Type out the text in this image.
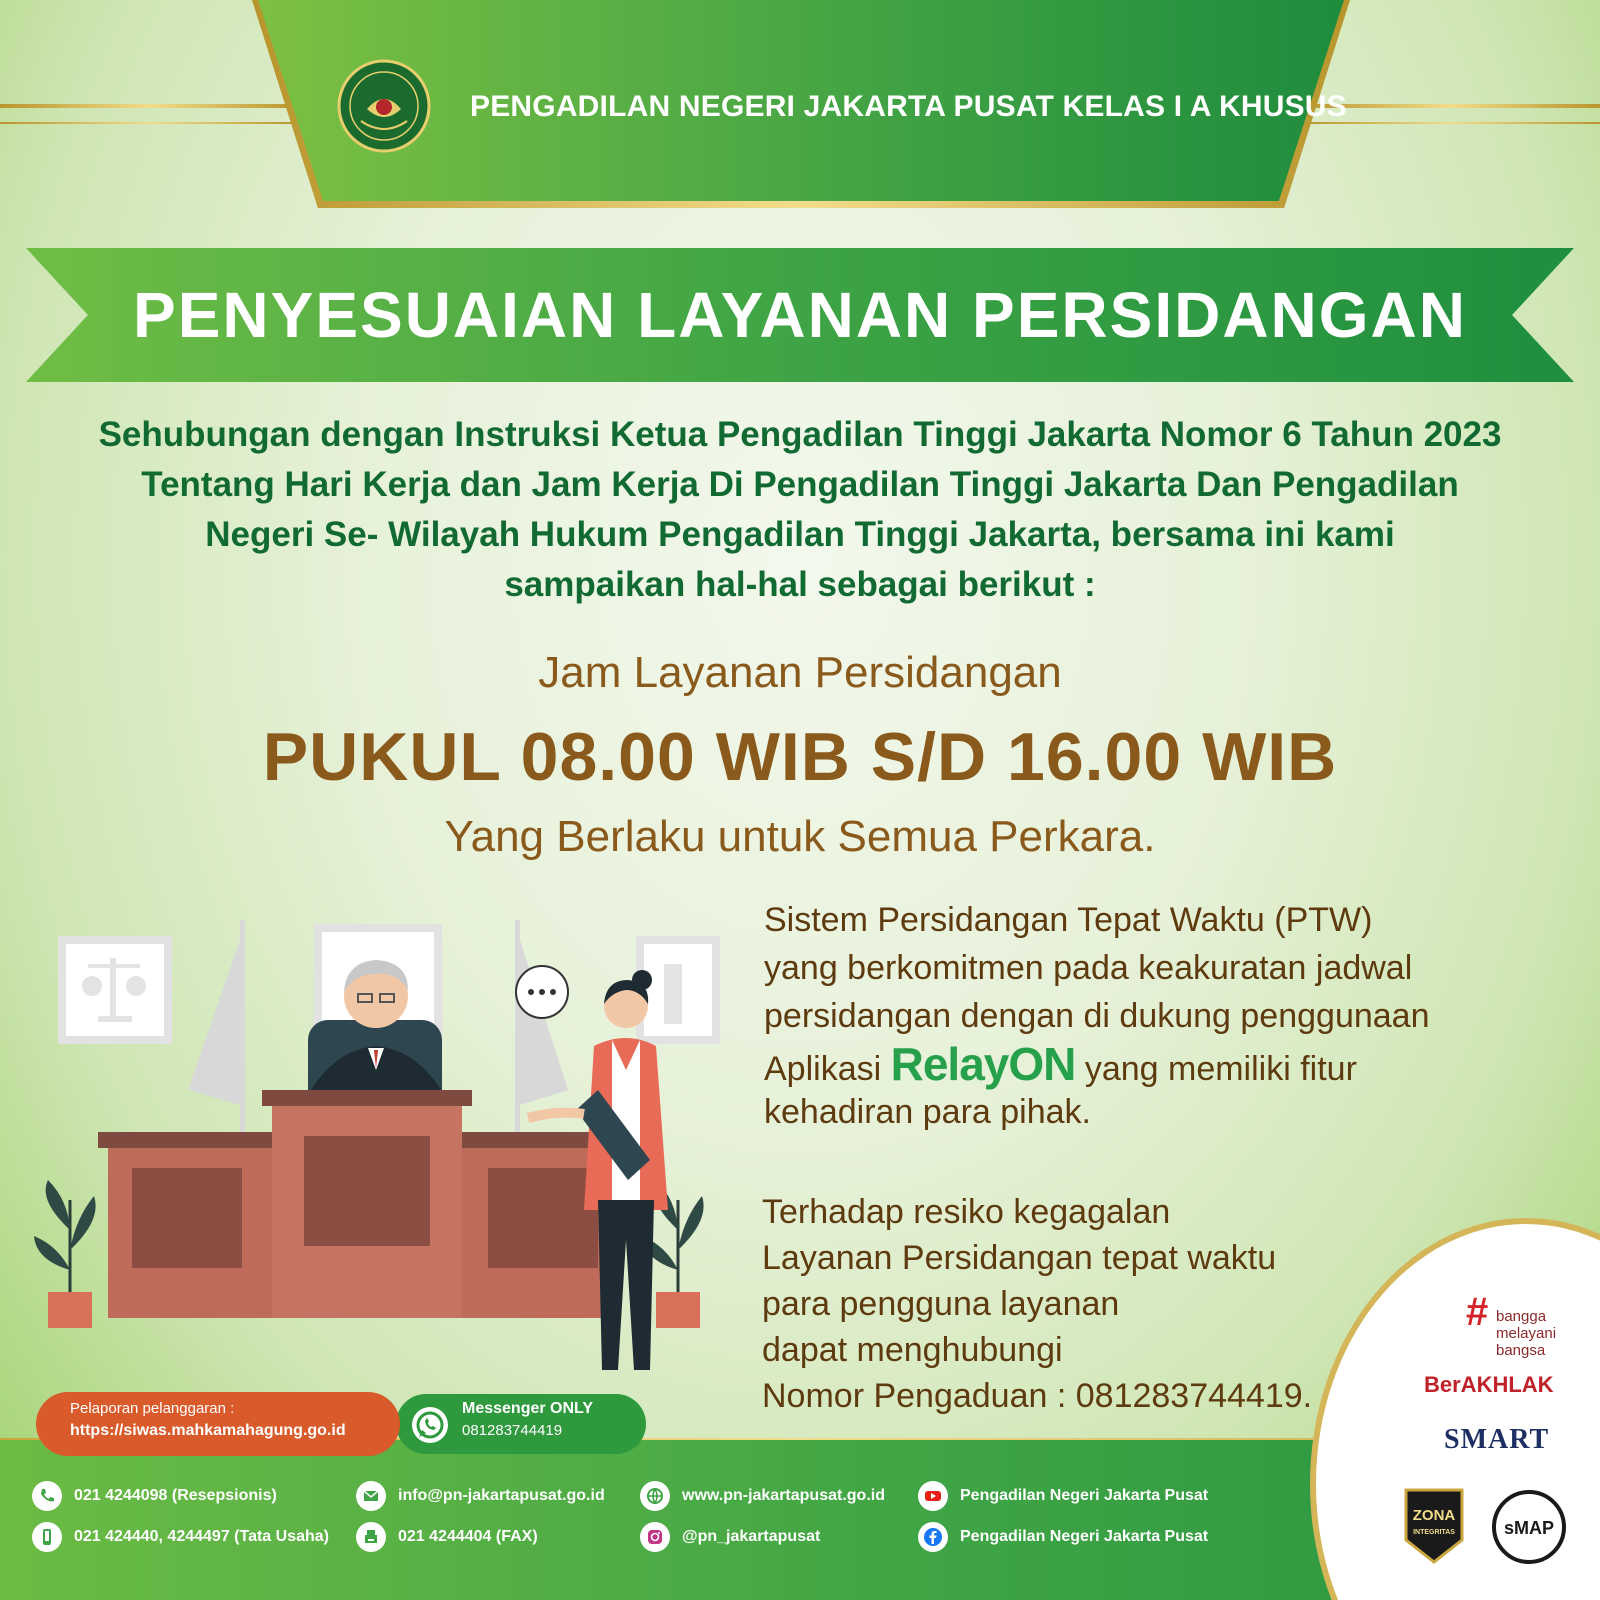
PENGADILAN NEGERI JAKARTA PUSAT KELAS I A KHUSUS
PENYESUAIAN LAYANAN PERSIDANGAN
Sehubungan dengan Instruksi Ketua Pengadilan Tinggi Jakarta Nomor 6 Tahun 2023
Tentang Hari Kerja dan Jam Kerja Di Pengadilan Tinggi Jakarta Dan Pengadilan
Negeri Se- Wilayah Hukum Pengadilan Tinggi Jakarta, bersama ini kami
sampaikan hal-hal sebagai berikut :
Jam Layanan Persidangan
PUKUL 08.00 WIB S/D 16.00 WIB
Yang Berlaku untuk Semua Perkara.
Sistem Persidangan Tepat Waktu (PTW)
yang berkomitmen pada keakuratan jadwal
persidangan dengan di dukung penggunaan
Aplikasi RelayON yang memiliki fitur
kehadiran para pihak.
Terhadap resiko kegagalan
Layanan Persidangan tepat waktu
para pengguna layanan
dapat menghubungi
Nomor Pengaduan : 081283744419.
Messenger ONLY
081283744419
Pelaporan pelanggaran :
https://siwas.mahkamahagung.go.id
021 4244098 (Resepsionis)
021 424440, 4244497 (Tata Usaha)
info@pn-jakartapusat.go.id
021 4244404 (FAX)
www.pn-jakartapusat.go.id
@pn_jakartapusat
Pengadilan Negeri Jakarta Pusat
Pengadilan Negeri Jakarta Pusat
# bangga
melayani
bangsa
BerAKHLAK
SMART
ZONA
INTEGRITAS	sMAP
